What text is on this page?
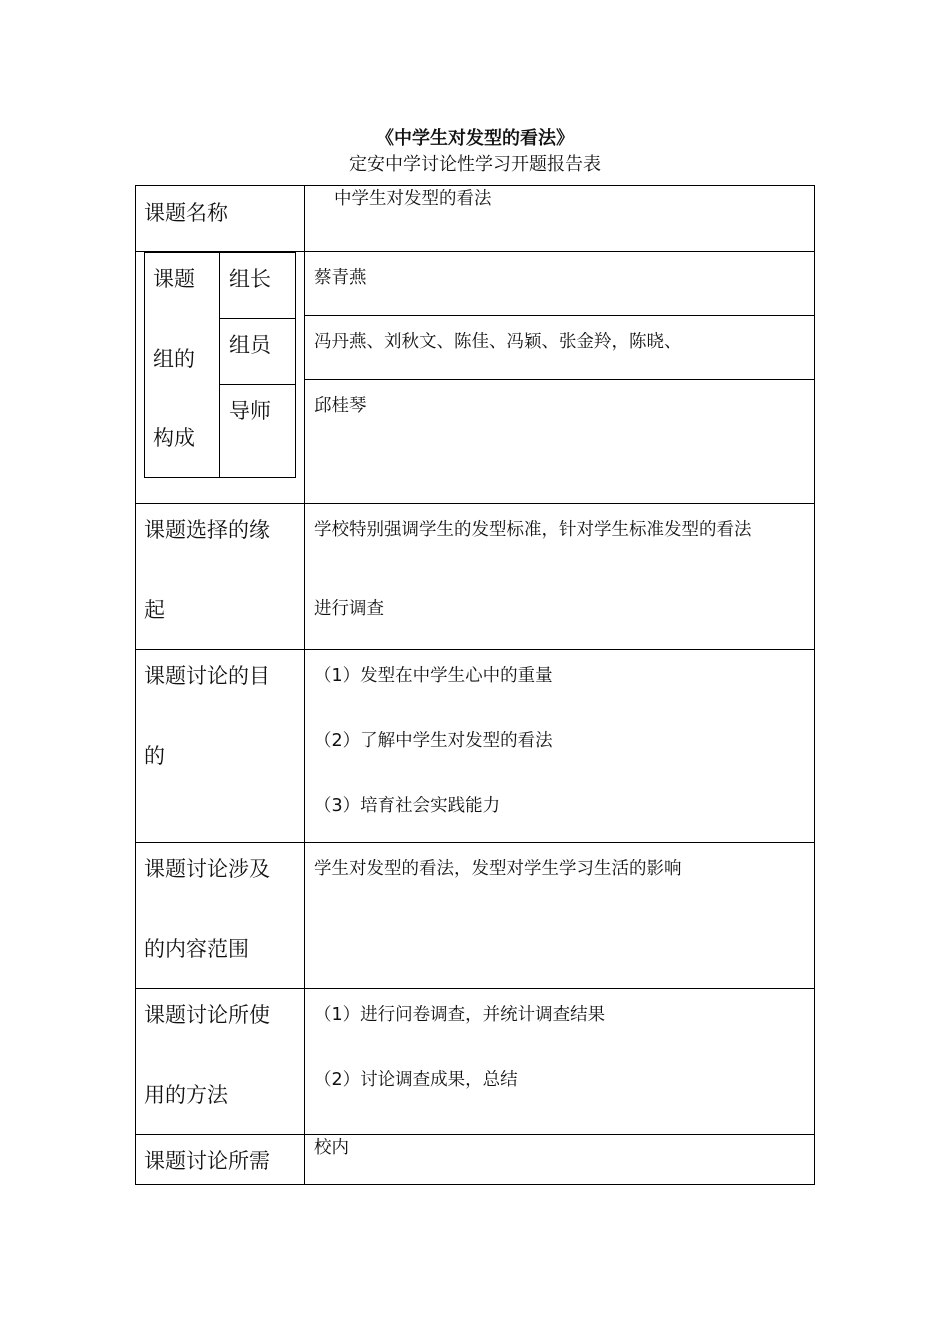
《中学生对发型的看法》
定安中学讨论性学习开题报告表
课题名称
中学生对发型的看法
课题
组的
构成
组长
组员
导师
蔡青燕
冯丹燕、刘秋文、陈佳、冯颖、张金羚，陈晓、
邱桂琴
课题选择的缘
起
学校特别强调学生的发型标准，针对学生标准发型的看法
进行调查
课题讨论的目
的
（1）发型在中学生心中的重量
（2）了解中学生对发型的看法
（3）培育社会实践能力
课题讨论涉及
的内容范围
学生对发型的看法，发型对学生学习生活的影响
课题讨论所使
用的方法
（1）进行问卷调查，并统计调查结果
（2）讨论调查成果，总结
课题讨论所需
校内
